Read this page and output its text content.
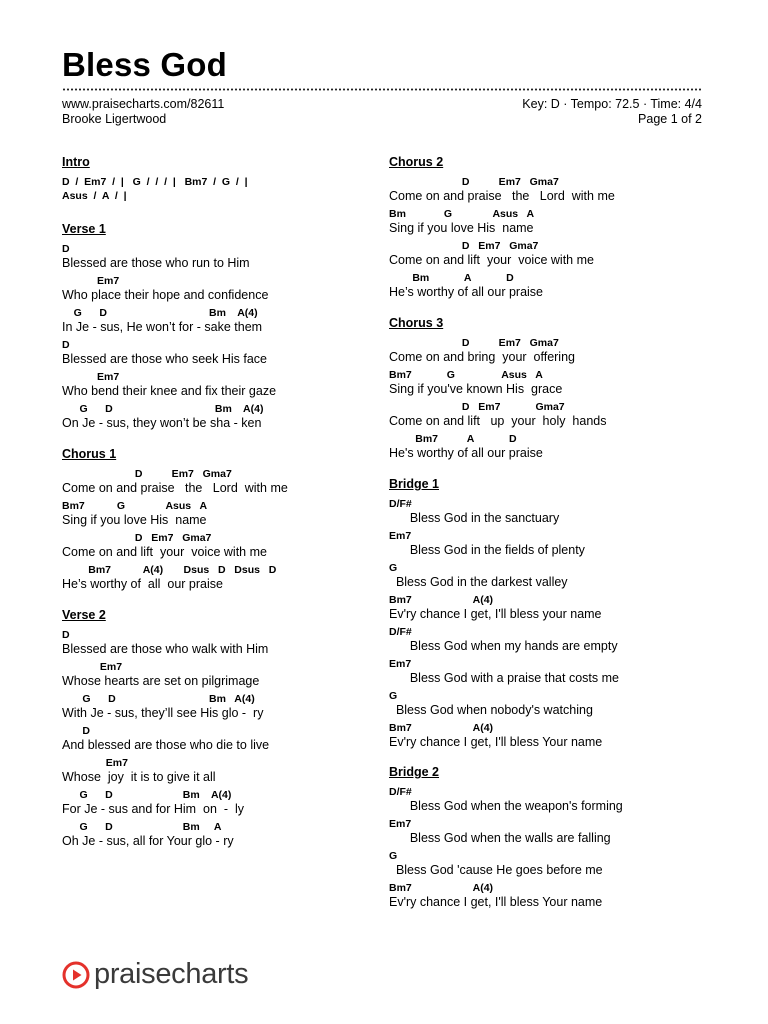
Bless God
www.praisecharts.com/82611
Brooke Ligertwood
Key: D · Tempo: 72.5 · Time: 4/4
Page 1 of 2
Intro
D  /  Em7  /  |   G  /  /  /  |   Bm7  /  G  /  |
Asus  /  A  /  |
Verse 1
D
Blessed are those who run to Him
Em7
Who place their hope and confidence
G      D                                   Bm    A(4)
In Je - sus, He won’t for - sake them
D
Blessed are those who seek His face
Em7
Who bend their knee and fix their gaze
G      D                                   Bm    A(4)
On Je - sus, they won’t be sha - ken
Chorus 1
D          Em7   Gma7
Come on and praise   the   Lord  with me
Bm7           G              Asus   A
Sing if you love His  name
D   Em7   Gma7
Come on and lift  your  voice with me
Bm7           A(4)       Dsus   D   Dsus   D
He’s worthy of  all  our praise
Verse 2
D
Blessed are those who walk with Him
Em7
Whose hearts are set on pilgrimage
G      D                                Bm   A(4)
With Je - sus, they’ll see His glo -  ry
D
And blessed are those who die to live
Em7
Whose  joy  it is to give it all
G      D                        Bm    A(4)
For Je - sus and for Him  on  -  ly
G      D                        Bm     A
Oh Je - sus, all for Your glo - ry
Chorus 2
D          Em7   Gma7
Come on and praise   the   Lord  with me
Bm             G              Asus   A
Sing if you love His  name
D   Em7   Gma7
Come on and lift  your  voice with me
Bm            A            D
He’s worthy of all our praise
Chorus 3
D          Em7   Gma7
Come on and bring  your  offering
Bm7            G                Asus   A
Sing if you've known His  grace
D   Em7            Gma7
Come on and lift   up  your  holy  hands
Bm7          A            D
He's worthy of all our praise
Bridge 1
D/F#
Bless God in the sanctuary
Em7
Bless God in the fields of plenty
G
Bless God in the darkest valley
Bm7                     A(4)
Ev'ry chance I get, I'll bless your name
D/F#
Bless God when my hands are empty
Em7
Bless God with a praise that costs me
G
Bless God when nobody's watching
Bm7                     A(4)
Ev'ry chance I get, I'll bless Your name
Bridge 2
D/F#
Bless God when the weapon's forming
Em7
Bless God when the walls are falling
G
Bless God 'cause He goes before me
Bm7                     A(4)
Ev'ry chance I get, I'll bless Your name
praisecharts
